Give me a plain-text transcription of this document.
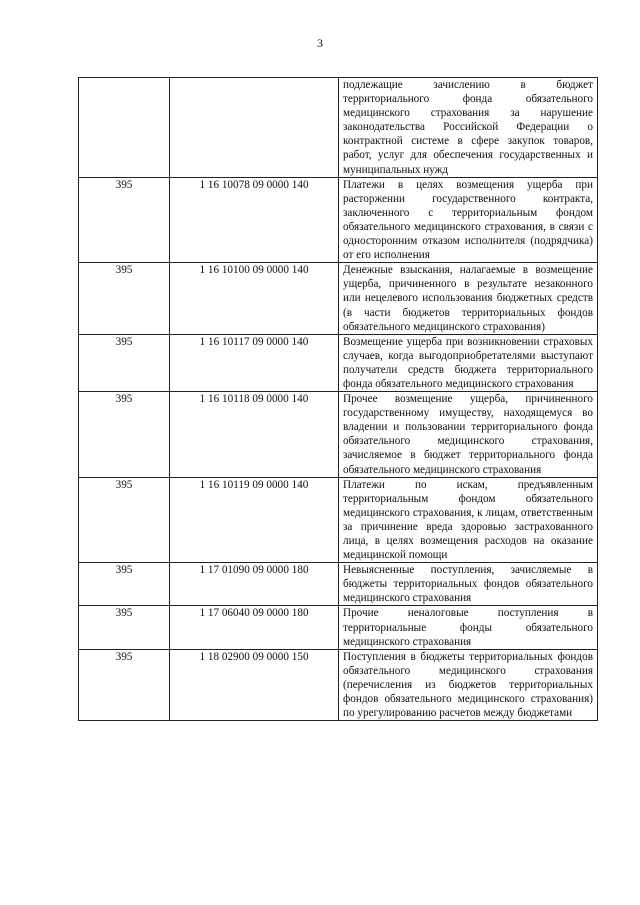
3
		подлежащие зачислению в бюджет территориального фонда обязательного медицинского страхования за нарушение законодательства Российской Федерации о контрактной системе в сфере закупок товаров, работ, услуг для обеспечения государственных и муниципальных нужд
395	1 16 10078 09 0000 140	Платежи в целях возмещения ущерба при расторжении государственного контракта, заключенного с территориальным фондом обязательного медицинского страхования, в связи с односторонним отказом исполнителя (подрядчика) от его исполнения
395	1 16 10100 09 0000 140	Денежные взыскания, налагаемые в возмещение ущерба, причиненного в результате незаконного или нецелевого использования бюджетных средств (в части бюджетов территориальных фондов обязательного медицинского страхования)
395	1 16 10117 09 0000 140	Возмещение ущерба при возникновении страховых случаев, когда выгодоприобретателями выступают получатели средств бюджета территориального фонда обязательного медицинского страхования
395	1 16 10118 09 0000 140	Прочее возмещение ущерба, причиненного государственному имуществу, находящемуся во владении и пользовании территориального фонда обязательного медицинского страхования, зачисляемое в бюджет территориального фонда обязательного медицинского страхования
395	1 16 10119 09 0000 140	Платежи по искам, предъявленным территориальным фондом обязательного медицинского страхования, к лицам, ответственным за причинение вреда здоровью застрахованного лица, в целях возмещения расходов на оказание медицинской помощи
395	1 17 01090 09 0000 180	Невыясненные поступления, зачисляемые в бюджеты территориальных фондов обязательного медицинского страхования
395	1 17 06040 09 0000 180	Прочие неналоговые поступления в территориальные фонды обязательного медицинского страхования
395	1 18 02900 09 0000 150	Поступления в бюджеты территориальных фондов обязательного медицинского страхования (перечисления из бюджетов территориальных фондов обязательного медицинского страхования) по урегулированию расчетов между бюджетами
